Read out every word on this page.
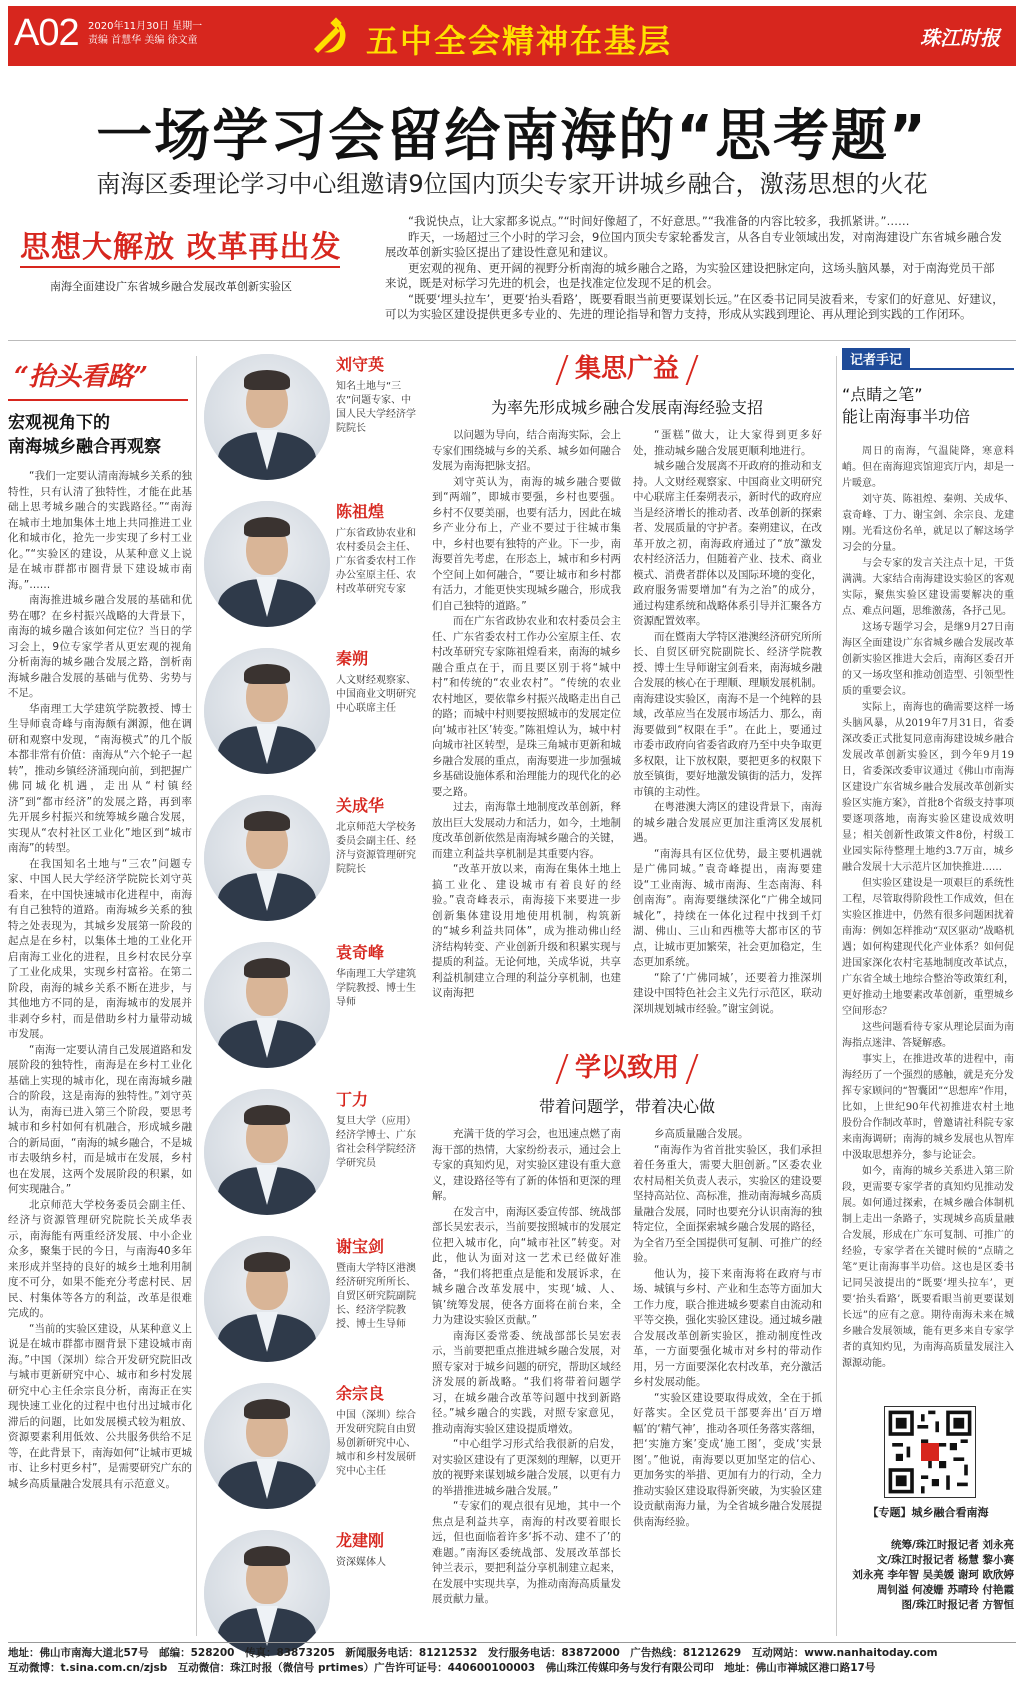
A02 2020年11月30日 星期一
责编 首慧华 美编 徐文童	五中全会精神在基层	珠江时报
一场学习会留给南海的“思考题”
南海区委理论学习中心组邀请9位国内顶尖专家开讲城乡融合，激荡思想的火花
思想大解放 改革再出发
南海全面建设广东省城乡融合发展改革创新实验区

“我说快点，让大家都多说点。”“时间好像超了，不好意思。”“我准备的内容比较多，我抓紧讲。”……

昨天，一场超过三个小时的学习会，9位国内顶尖专家轮番发言，从各自专业领域出发，对南海建设广东省城乡融合发展改革创新实验区提出了建设性意见和建议。

更宏观的视角、更开阔的视野分析南海的城乡融合之路，为实验区建设把脉定向，这场头脑风暴，对于南海党员干部来说，既是对标学习先进的机会，也是找准定位发现不足的机会。

“既要‘埋头拉车’，更要‘抬头看路’，既要看眼当前更要谋划长远。”在区委书记同吴波看来，专家们的好意见、好建议，可以为实验区建设提供更多专业的、先进的理论指导和智力支持，形成从实践到理论、再从理论到实践的工作闭环。

“抬头看路”
宏观视角下的
南海城乡融合再观察

“我们一定要认清南海城乡关系的独特性，只有认清了独特性，才能在此基础上思考城乡融合的实践路径。”“南海在城市土地加集体土地上共同推进工业化和城市化，抢先一步实现了乡村工业化。”“实验区的建设，从某种意义上说是在城市群都市圈背景下建设城市南海。”……

南海推进城乡融合发展的基础和优势在哪？在乡村振兴战略的大背景下，南海的城乡融合该如何定位？当日的学习会上，9位专家学者从更宏观的视角分析南海的城乡融合发展之路，剖析南海城乡融合发展的基础与优势、劣势与不足。

华南理工大学建筑学院教授、博士生导师袁奇峰与南海颇有渊源，他在调研和观察中发现，“南海模式”的几个版本都非常有价值：南海从“六个轮子一起转”，推动乡镇经济涌现向前，到把握广佛同城化机遇，走出从“村镇经济”到“都市经济”的发展之路，再到率先开展乡村振兴和统筹城乡融合发展，实现从“农村社区工业化”地区到“城市南海”的转型。

在我国知名土地与“三农”问题专家、中国人民大学经济学院院长刘守英看来，在中国快速城市化进程中，南海有自己独特的道路。南海城乡关系的独特之处表现为，其城乡发展第一阶段的起点是在乡村，以集体土地的工业化开启南海工业化的进程，且乡村农民分享了工业化成果，实现乡村富裕。在第二阶段，南海的城乡关系不断在进步，与其他地方不同的是，南海城市的发展并非剥夺乡村，而是借助乡村力量带动城市发展。

“南海一定要认清自己发展道路和发展阶段的独特性，南海是在乡村工业化基础上实现的城市化，现在南海城乡融合的阶段，这是南海的独特性。”刘守英认为，南海已进入第三个阶段，要思考城市和乡村如何有机融合，形成城乡融合的新局面，“南海的城乡融合，不是城市去吸纳乡村，而是城市在发展，乡村也在发展，这两个发展阶段的积累，如何实现融合。”

北京师范大学校务委员会副主任、经济与资源管理研究院院长关成华表示，南海能有两重经济发展、中小企业众多，聚集于民的今日，与南海40多年来形成并坚持的良好的城乡土地利用制度不可分，如果不能充分考虑村民、居民、村集体等各方的利益，改革是很难完成的。

“当前的实验区建设，从某种意义上说是在城市群都市圈背景下建设城市南海。”中国（深圳）综合开发研究院旧改与城市更新研究中心、城市和乡村发展研究中心主任余宗良分析，南海正在实现快速工业化的过程中也付出过城市化滞后的问题，比如发展模式较为粗放、资源要素利用低效、公共服务供给不足等，在此背景下，南海如何“让城市更城市、让乡村更乡村”，是需要研究广东的城乡高质量融合发展具有示范意义。

刘守英
知名土地与“三农”问题专家、中国人民大学经济学院院长
陈祖煌
广东省政协农业和农村委员会主任、广东省委农村工作办公室原主任、农村改革研究专家
秦朔
人文财经观察家、中国商业文明研究中心联席主任
关成华
北京师范大学校务委员会副主任、经济与资源管理研究院院长
袁奇峰
华南理工大学建筑学院教授、博士生导师
丁力
复旦大学（应用）经济学博士、广东省社会科学院经济学研究员
谢宝剑
暨南大学特区港澳经济研究所所长、自贸区研究院副院长、经济学院教授、博士生导师
余宗良
中国（深圳）综合开发研究院自由贸易创新研究中心、城市和乡村发展研究中心主任
龙建刚
资深媒体人
集思广益
为率先形成城乡融合发展南海经验支招

以问题为导向，结合南海实际，会上专家们围绕城与乡的关系、城乡如何融合发展为南海把脉支招。

刘守英认为，南海的城乡融合要做到“两端”，即城市要强，乡村也要强。乡村不仅要美丽，也要有活力，因此在城乡产业分布上，产业不要过于往城市集中，乡村也要有独特的产业。下一步，南海要首先考虑，在形态上，城市和乡村两个空间上如何融合，“要让城市和乡村都有活力，才能更快实现城乡融合，形成我们自己独特的道路。”

而在广东省政协农业和农村委员会主任、广东省委农村工作办公室原主任、农村改革研究专家陈祖煌看来，南海的城乡融合重点在于，而且要区别于将“城中村”和传统的“农业农村”。“传统的农业农村地区，要依靠乡村振兴战略走出自己的路；而城中村则要按照城市的发展定位向‘城市社区’转变。”陈祖煌认为，城中村向城市社区转型，是珠三角城市更新和城乡融合发展的重点，南海要进一步加强城乡基础设施体系和治理能力的现代化的必要之路。

过去，南海靠土地制度改革创新，释放出巨大发展动力和活力，如今，土地制度改革创新依然是南海城乡融合的关键，而建立利益共享机制是其重要内容。

“改革开放以来，南海在集体土地上搞工业化、建设城市有着良好的经验。”袁奇峰表示，南海接下来要进一步创新集体建设用地使用机制，构筑新的“城乡利益共同体”，成为推动佛山经济结构转变、产业创新升级和积累实现与提质的利益。无论何地，关成华说，共享利益机制建立合理的利益分享机制，也建议南海把

“蛋糕”做大，让大家得到更多好处，推动城乡融合发展更顺利地进行。

城乡融合发展离不开政府的推动和支持。人文财经观察家、中国商业文明研究中心联席主任秦朔表示，新时代的政府应当是经济增长的推动者、改革创新的探索者、发展质量的守护者。秦朔建议，在改革开放之初，南海政府通过了“放”激发农村经济活力，但随着产业、技术、商业模式、消费者群体以及国际环境的变化，政府服务需要增加“有为之治”的成分，通过构建系统和战略体系引导并汇聚各方资源配置效率。

而在暨南大学特区港澳经济研究所所长、自贸区研究院副院长、经济学院教授、博士生导师谢宝剑看来，南海城乡融合发展的核心在于理顺、理顺发展机制。南海建设实验区，南海不是一个纯粹的县域，改革应当在发展市场活力、那么，南海要做到“权限在手”。在此上，要通过市委市政府向省委省政府乃至中央争取更多权限，让下放权限，要把更多的权限下放至镇街，要好地激发镇街的活力，发挥市镇的主动性。

在粤港澳大湾区的建设背景下，南海的城乡融合发展应更加注重湾区发展机遇。

“南海具有区位优势，最主要机遇就是广佛同城。”袁奇峰提出，南海要建设“工业南海、城市南海、生态南海、科创南海”。南海要继续深化“广佛全域同城化”，持续在一体化过程中找到千灯湖、佛山、三山和西樵等大都市区的节点，让城市更加繁荣，社会更加稳定，生态更加系统。

“除了‘广佛同城’，还要着力推深圳建设中国特色社会主义先行示范区，联动深圳规划城市经验。”谢宝剑说。

学以致用
带着问题学，带着决心做

充满干货的学习会，也迅速点燃了南海干部的热情，大家纷纷表示，通过会上专家的真知灼见，对实验区建设有重大意义，建设路径等有了新的体悟和更深的理解。

在发言中，南海区委宣传部、统战部部长吴宏表示，当前要按照城市的发展定位把入城市化，向“城市社区”转变。对此，他认为面对这一艺术已经做好准备，“我们将把重点是能和发展诉求，在城乡融合改革发展中，实现‘城、人、镇’统筹发展，使各方面将在前台来，全力为建设实验区贡献。”

南海区委常委、统战部部长吴宏表示，当前要把重点推进城乡融合发展，对照专家对于城乡问题的研究，帮助区域经济发展的新战略。“我们将带着问题学习，在城乡融合改革等问题中找到新路径。”城乡融合的实践，对照专家意见，推动南海实验区建设提质增效。

“中心组学习形式给我很新的启发，对实验区建设有了更深刻的理解，以更开放的视野来谋划城乡融合发展，以更有力的举措推进城乡融合发展。”

“专家们的观点很有见地，其中一个焦点是利益共享，南海的村改要着眼长远，但也面临着许多‘拆不动、建不了’的难题。”南海区委统战部、发展改革部长钟兰表示，要把利益分享机制建立起来，在发展中实现共享，为推动南海高质量发展贡献力量。

乡高质量融合发展。

“南海作为省首批实验区，我们承担着任务重大，需要大胆创新。”区委农业农村局相关负责人表示，实验区的建设要坚持高站位、高标准，推动南海城乡高质量融合发展，同时也要充分认识南海的独特定位，全面探索城乡融合发展的路径，为全省乃至全国提供可复制、可推广的经验。

他认为，接下来南海将在政府与市场、城镇与乡村、产业和生态等方面加大工作力度，联合推进城乡要素自由流动和平等交换，强化实验区建设。通过城乡融合发展改革创新实验区，推动制度性改革，一方面要强化城市对乡村的带动作用，另一方面要深化农村改革，充分激活乡村发展动能。

“实验区建设要取得成效，全在于抓好落实。全区党员干部要奔出‘百万增幅’的‘精气神’，推动各项任务落实落细，把‘实施方案’变成‘施工图’，变成‘实景图’。”他说，南海要以更加坚定的信心、更加务实的举措、更加有力的行动，全力推动实验区建设取得新突破，为实验区建设贡献南海力量，为全省城乡融合发展提供南海经验。

记者手记
“点睛之笔”
能让南海事半功倍

周日的南海，气温陡降，寒意料峭。但在南海迎宾馆迎宾厅内，却是一片暖意。

刘守英、陈祖煌、秦朔、关成华、袁奇峰、丁力、谢宝剑、余宗良、龙建刚。光看这份名单，就足以了解这场学习会的分量。

与会专家的发言关注点十足，干货满满。大家结合南海建设实验区的客观实际，聚焦实验区建设需要解决的重点、难点问题，思维激荡，各抒己见。

这场专题学习会，是继9月27日南海区全面建设广东省城乡融合发展改革创新实验区推进大会后，南海区委召开的又一场攻坚和推动创造型、引领型性质的重要会议。

实际上，南海也的确需要这样一场头脑风暴，从2019年7月31日，省委深改委正式批复同意南海建设城乡融合发展改革创新实验区，到今年9月19日，省委深改委审议通过《佛山市南海区建设广东省城乡融合发展改革创新实验区实施方案》，首批8个省级支持事项要逐项落地，南海实验区建设成效明显；相关创新性政策文件8份，村级工业园实际待整理土地约3.7万亩，城乡融合发展十大示范片区加快推进……

但实验区建设是一项艰巨的系统性工程，尽管取得阶段性工作成效，但在实验区推进中，仍然有很多问题困扰着南海：例如怎样推动“双区驱动”战略机遇；如何构建现代化产业体系？如何促进国家深化农村宅基地制度改革试点，广东省全域土地综合整治等政策红利，更好推动土地要素改革创新，重塑城乡空间形态？

这些问题看待专家从理论层面为南海指点迷津、答疑解惑。

事实上，在推进改革的进程中，南海经历了一个强烈的感触，就是充分发挥专家顾问的“智囊团”“思想库”作用，比如，上世纪90年代初推进农村土地股份合作制改革时，曾邀请社科院专家来南海调研；南海的城乡发展也从智库中汲取思想养分，参与论证会。

如今，南海的城乡关系进入第三阶段，更需要专家学者的真知灼见推动发展。如何通过探索，在城乡融合体制机制上走出一条路子，实现城乡高质量融合发展，形成在广东可复制、可推广的经验，专家学者在关键时候的“点睛之笔”更让南海事半功倍。这也是区委书记同吴波提出的“既要‘埋头拉车’，更要‘抬头看路’，既要看眼当前更要谋划长远”的应有之意。期待南海未来在城乡融合发展领域，能有更多来自专家学者的真知灼见，为南海高质量发展注入源源动能。

【专题】城乡融合看南海
统筹/珠江时报记者 刘永亮
文/珠江时报记者 杨慧 黎小赛
刘永亮 李年智 吴美媛 谢珂 欧欣婷
周钊溢 何凌姗 苏晴玲 付艳霞
图/珠江时报记者 方智恒
地址：佛山市南海大道北57号　邮编：528200　传真：83873205　新闻服务电话：81212532　发行服务电话：83872000　广告热线：81212629　互动网站：www.nanhaitoday.com
互动微博：t.sina.com.cn/zjsb　互动微信：珠江时报（微信号 prtimes）广告许可证号：440600100003　佛山珠江传媒印务与发行有限公司印　地址：佛山市禅城区港口路17号
